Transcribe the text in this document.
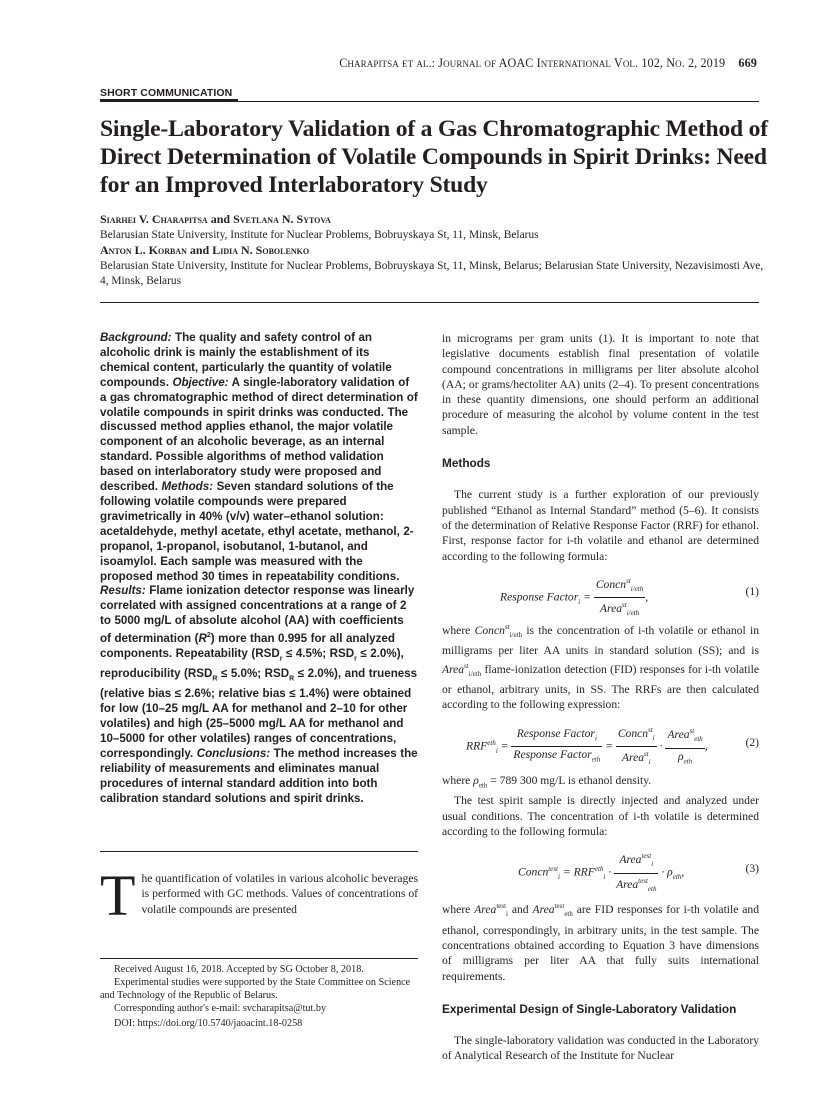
Charapitsa et al.: Journal of AOAC International Vol. 102, No. 2, 2019 669
SHORT COMMUNICATION
Single-Laboratory Validation of a Gas Chromatographic Method of Direct Determination of Volatile Compounds in Spirit Drinks: Need for an Improved Interlaboratory Study
Siarhei V. Charapitsa and Svetlana N. Sytova
Belarusian State University, Institute for Nuclear Problems, Bobruyskaya St, 11, Minsk, Belarus
Anton L. Korban and Lidia N. Sobolenko
Belarusian State University, Institute for Nuclear Problems, Bobruyskaya St, 11, Minsk, Belarus; Belarusian State University, Nezavisimosti Ave, 4, Minsk, Belarus

Background: The quality and safety control of an alcoholic drink is mainly the establishment of its chemical content, particularly the quantity of volatile compounds. Objective: A single-laboratory validation of a gas chromatographic method of direct determination of volatile compounds in spirit drinks was conducted. The discussed method applies ethanol, the major volatile component of an alcoholic beverage, as an internal standard. Possible algorithms of method validation based on interlaboratory study were proposed and described. Methods: Seven standard solutions of the following volatile compounds were prepared gravimetrically in 40% (v/v) water–ethanol solution: acetaldehyde, methyl acetate, ethyl acetate, methanol, 2-propanol, 1-propanol, isobutanol, 1-butanol, and isoamylol. Each sample was measured with the proposed method 30 times in repeatability conditions. Results: Flame ionization detector response was linearly correlated with assigned concentrations at a range of 2 to 5000 mg/L of absolute alcohol (AA) with coefficients of determination $(R^2)$ more than 0.995 for all analyzed components. Repeatability ($RSD_r \le 4.5\%$; $RSD_r \le 2.0\%$), reproducibility ($RSD_R \le 5.0\%$; $RSD_R \le 2.0\%$), and trueness (relative bias ≤ 2.6%; relative bias ≤ 1.4%) were obtained for low (10–25 mg/L AA for methanol and 2–10 for other volatiles) and high (25–5000 mg/L AA for methanol and 10–5000 for other volatiles) ranges of concentrations, correspondingly. Conclusions: The method increases the reliability of measurements and eliminates manual procedures of internal standard addition into both calibration standard solutions and spirit drinks.

The quantification of volatiles in various alcoholic beverages is performed with GC methods. Values of concentrations of volatile compounds are presented

Received August 16, 2018. Accepted by SG October 8, 2018.

Experimental studies were supported by the State Committee on Science and Technology of the Republic of Belarus.

Corresponding author's e-mail: svcharapitsa@tut.by

DOI: https://doi.org/10.5740/jaoacint.18-0258

in micrograms per gram units (1). It is important to note that legislative documents establish final presentation of volatile compound concentrations in milligrams per liter absolute alcohol (AA; or grams/hectoliter AA) units (2–4). To present concentrations in these quantity dimensions, one should perform an additional procedure of measuring the alcohol by volume content in the test sample.

Methods

The current study is a further exploration of our previously published “Ethanol as Internal Standard” method (5–6). It consists of the determination of Relative Response Factor (RRF) for ethanol. First, response factor for i-th volatile and ethanol are determined according to the following formula:

Response Factor$_i$ = $\frac{Concn^{st}_{i/eth}}{Area^{st}_{i/eth}}$ ,	(1)

where Concn$^{st}_{i/eth}$ is the concentration of i-th volatile or ethanol in milligrams per liter AA units in standard solution (SS); and is Area$^{st}_{i/eth}$ flame-ionization detection (FID) responses for i-th volatile or ethanol, arbitrary units, in SS. The RRFs are then calculated according to the following expression:

$RRF^{eth}_i = \frac{Response Factor_i}{Response Factor_{eth}} = \frac{Concn^{st}_i}{Area^{st}_i} \cdot \frac{Area^{st}_{eth}}{\rho_{eth}}$ ,	(2)

where $\rho_{eth} = 789$ 300 mg/L is ethanol density.

The test spirit sample is directly injected and analyzed under usual conditions. The concentration of i-th volatile is determined according to the following formula:

Concn$^{test}_i$ = $RRF^{eth}_i \cdot \frac{Area^{test}_i}{Area^{test}_{eth}} \cdot \rho_{eth}$,	(3)

where Area$^{test}_i$ and Area$^{test}_{eth}$ are FID responses for i-th volatile and ethanol, correspondingly, in arbitrary units, in the test sample. The concentrations obtained according to Equation 3 have dimensions of milligrams per liter AA that fully suits international requirements.

Experimental Design of Single-Laboratory Validation

The single-laboratory validation was conducted in the Laboratory of Analytical Research of the Institute for Nuclear
